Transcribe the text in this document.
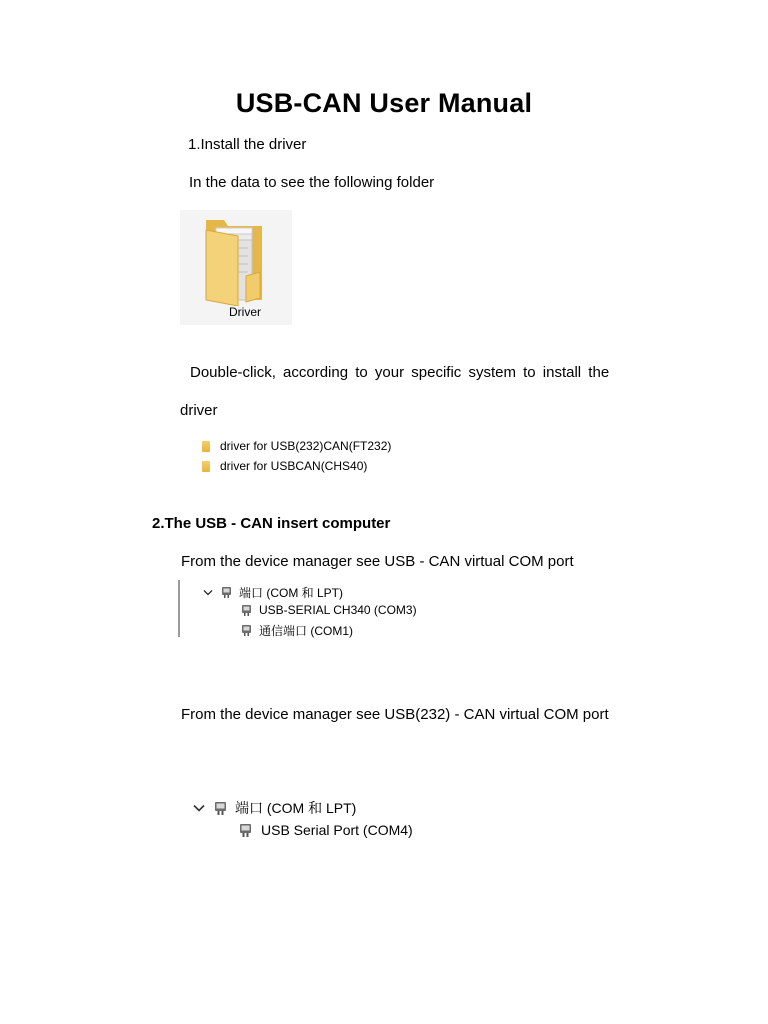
USB-CAN User Manual
1.Install the driver
In the data to see the following folder
Driver
Double-click, according to your specific system to install the
driver
driver for USB(232)CAN(FT232)
driver for USBCAN(CHS40)
2.The USB - CAN insert computer
From the device manager see USB - CAN virtual COM port
端口 (COM 和 LPT)
USB-SERIAL CH340 (COM3)
通信端口 (COM1)
From the device manager see USB(232) - CAN virtual COM port
端口 (COM 和 LPT)
USB Serial Port (COM4)
